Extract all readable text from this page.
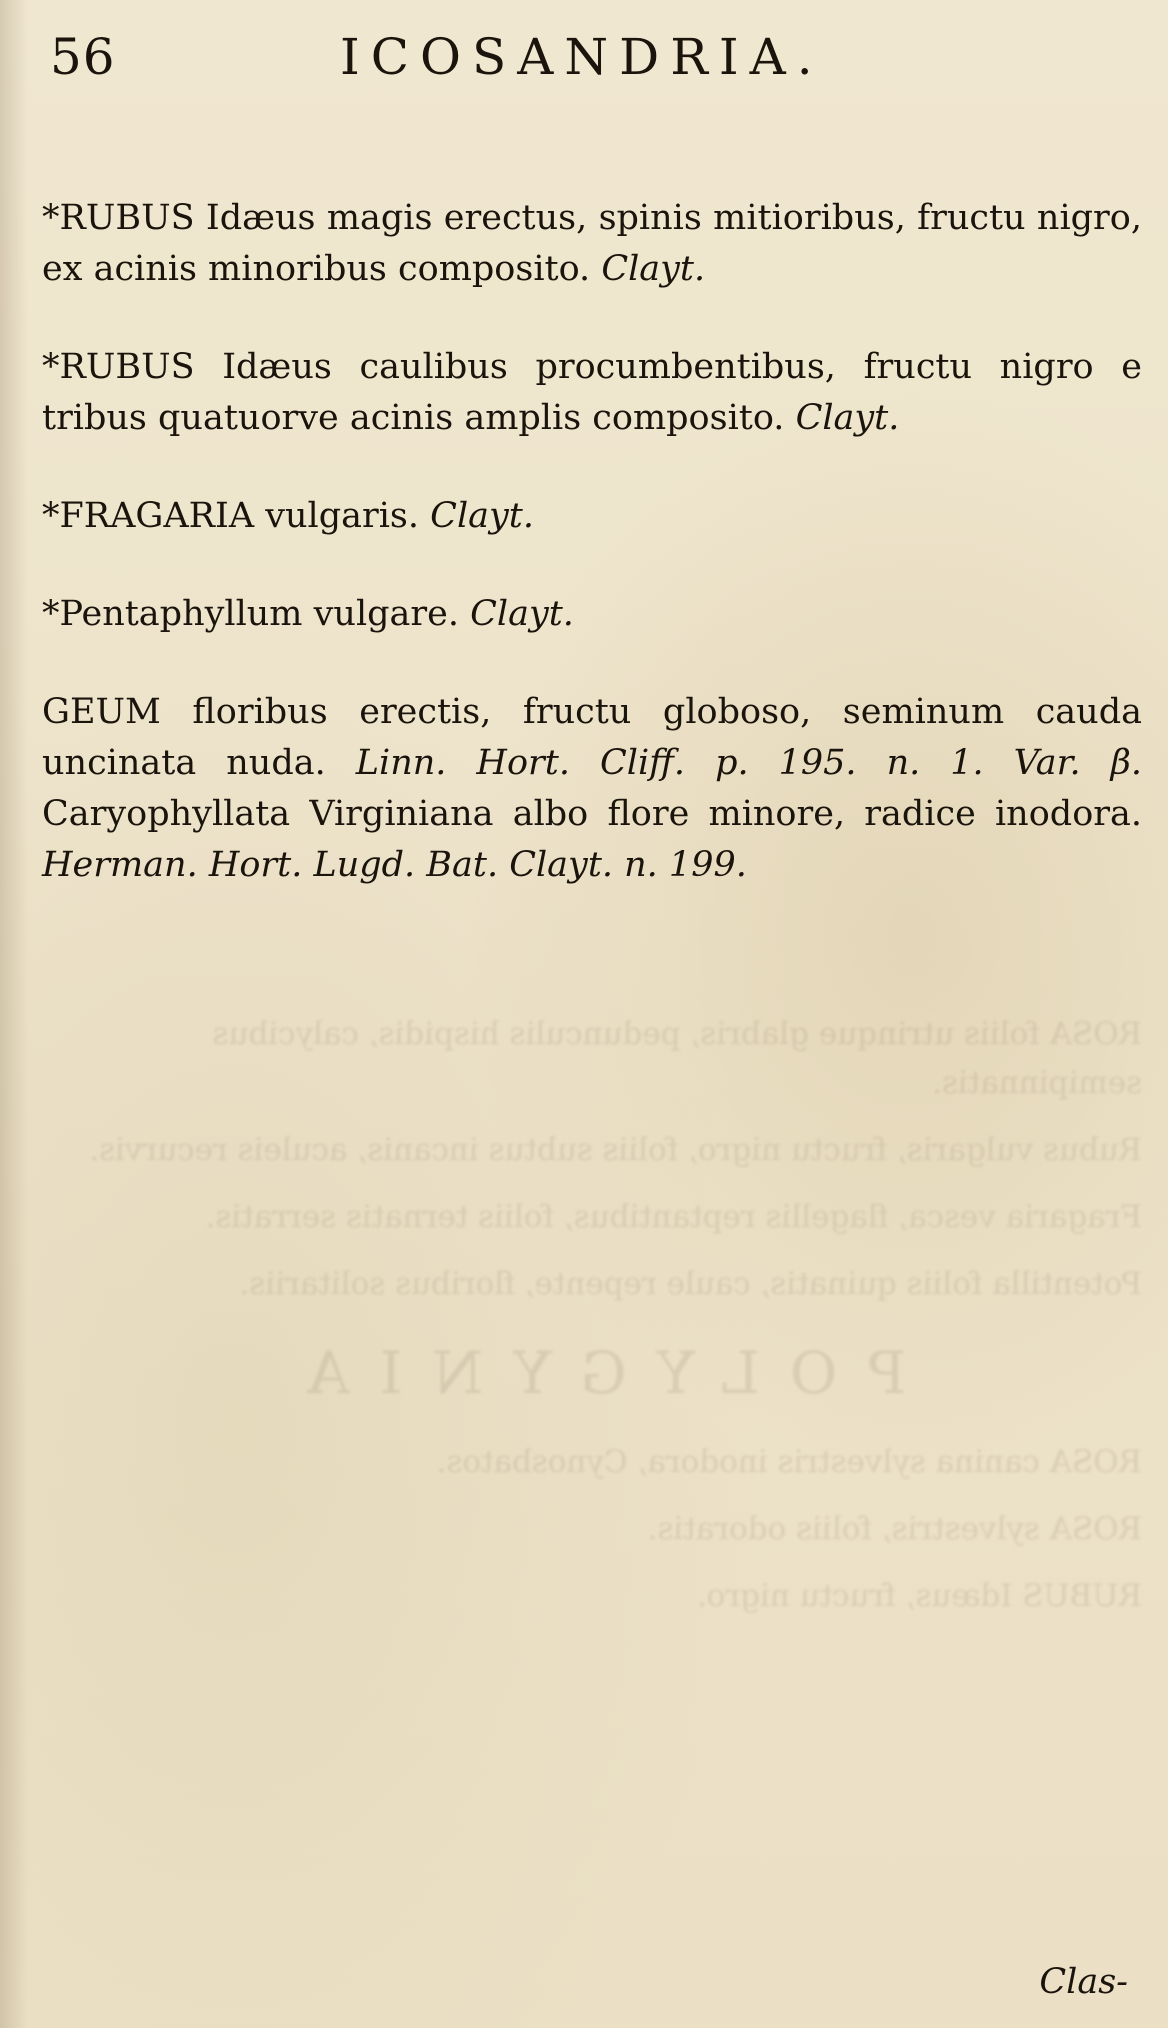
56	ICOSANDRIA.

ROSA foliis utrinque glabris, pedunculis hispidis, calycibus semipinnatis.

Rubus vulgaris, fructu nigro, foliis subtus incanis, aculeis recurvis.

Fragaria vesca, flagellis reptantibus, foliis ternatis serratis.

Potentilla foliis quinatis, caule repente, floribus solitariis.

POLYGYNIA

ROSA canina sylvestris inodora, Cynosbatos.

ROSA sylvestris, foliis odoratis.

RUBUS Idæus, fructu nigro.

*RUBUS Idæus magis erectus, spinis mitioribus, fructu nigro, ex acinis minoribus composito. Clayt.

*RUBUS Idæus caulibus procumbentibus, fructu nigro e tribus quatuorve acinis amplis composito. Clayt.

*FRAGARIA vulgaris. Clayt.

*Pentaphyllum vulgare. Clayt.

GEUM floribus erectis, fructu globoso, seminum cauda uncinata nuda. Linn. Hort. Cliff. p. 195. n. 1. Var. β. Caryophyllata Virginiana albo flore minore, radice inodora. Herman. Hort. Lugd. Bat. Clayt. n. 199.

Clas-
